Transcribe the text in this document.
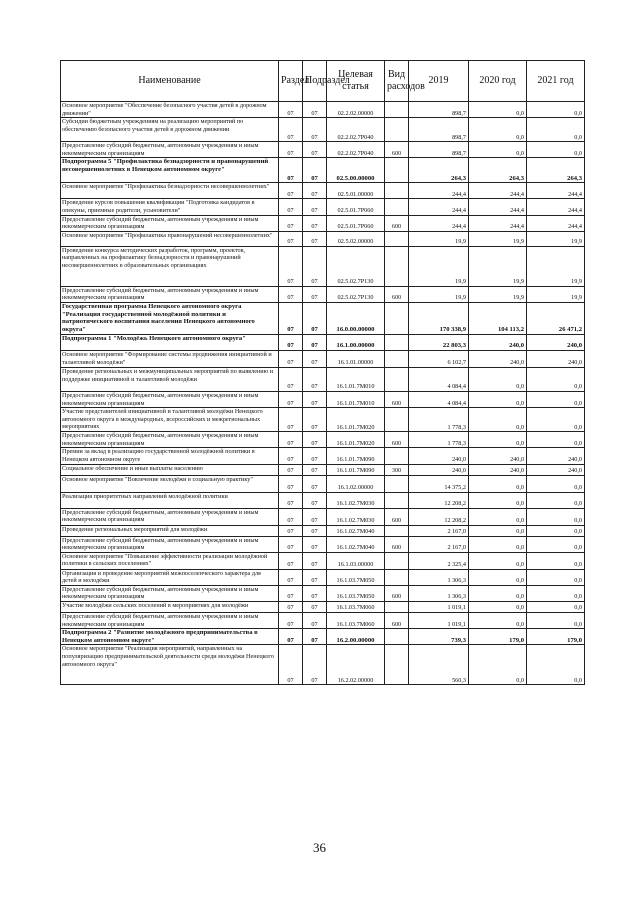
Наименование	Раздел	Подраздел	Целевая статья	Вид расходов	2019	2020 год	2021 год
Основное мероприятие "Обеспечение безопасного участия детей в дорожном движении"	07	07	02.2.02.00000		898,7	0,0	0,0
Субсидии бюджетным учреждениям на реализацию мероприятий по обеспечению безопасного участия детей в дорожном движении	07	07	02.2.02.7Р040		898,7	0,0	0,0
Предоставление субсидий бюджетным, автономным учреждениям и иным некоммерческим организациям	07	07	02.2.02.7Р040	600	898,7	0,0	0,0
Подпрограмма 5 "Профилактика безнадзорности и правонарушений несовершеннолетних в Ненецком автономном округе"	07	07	02.5.00.00000		264,3	264,3	264,3
Основное мероприятие "Профилактика безнадзорности несовершеннолетних"	07	07	02.5.01.00000		244,4	244,4	244,4
Проведение курсов повышения квалификации "Подготовка кандидатов в опекуны, приемные родители, усыновители"	07	07	02.5.01.7Р060		244,4	244,4	244,4
Предоставление субсидий бюджетным, автономным учреждениям и иным некоммерческим организациям	07	07	02.5.01.7Р060	600	244,4	244,4	244,4
Основное мероприятие "Профилактика правонарушений несовершеннолетних"	07	07	02.5.02.00000		19,9	19,9	19,9
Проведение конкурса методических разработок, программ, проектов, направленных на профилактику безнадзорности и правонарушений несовершеннолетних в образовательных организациях	07	07	02.5.02.7Р130		19,9	19,9	19,9
Предоставление субсидий бюджетным, автономным учреждениям и иным некоммерческим организациям	07	07	02.5.02.7Р130	600	19,9	19,9	19,9
Государственная программа Ненецкого автономного округа "Реализация государственной молодёжной политики и патриотического воспитания населения Ненецкого автономного округа"	07	07	16.0.00.00000		170 338,9	104 113,2	26 471,2
Подпрограмма 1 "Молодёжь Ненецкого автономного округа"	07	07	16.1.00.00000		22 803,3	240,0	240,0
Основное мероприятие "Формирование системы продвижения инициативной и талантливой молодёжи"	07	07	16.1.01.00000		6 102,7	240,0	240,0
Проведение региональных и межмуниципальных мероприятий по выявлению и поддержке инициативной и талантливой молодёжи	07	07	16.1.01.7М010		4 084,4	0,0	0,0
Предоставление субсидий бюджетным, автономным учреждениям и иным некоммерческим организациям	07	07	16.1.01.7М010	600	4 084,4	0,0	0,0
Участие представителей инициативной и талантливой молодёжи Ненецкого автономного округа в международных, всероссийских и межрегиональных мероприятиях	07	07	16.1.01.7М020		1 778,3	0,0	0,0
Предоставление субсидий бюджетным, автономным учреждениям и иным некоммерческим организациям	07	07	16.1.01.7М020	600	1 778,3	0,0	0,0
Премии за вклад в реализацию государственной молодёжной политики в Ненецком автономном округе	07	07	16.1.01.7М090		240,0	240,0	240,0
Социальное обеспечение и иные выплаты населению	07	07	16.1.01.7М090	300	240,0	240,0	240,0
Основное мероприятие "Вовлечение молодёжи в социальную практику"	07	07	16.1.02.00000		14 375,2	0,0	0,0
Реализация приоритетных направлений молодёжной политики	07	07	16.1.02.7М030		12 208,2	0,0	0,0
Предоставление субсидий бюджетным, автономным учреждениям и иным некоммерческим организациям	07	07	16.1.02.7М030	600	12 208,2	0,0	0,0
Проведение региональных мероприятий для молодёжи	07	07	16.1.02.7М040		2 167,0	0,0	0,0
Предоставление субсидий бюджетным, автономным учреждениям и иным некоммерческим организациям	07	07	16.1.02.7М040	600	2 167,0	0,0	0,0
Основное мероприятие "Повышение эффективности реализации молодёжной политики в сельских поселениях"	07	07	16.1.03.00000		2 325,4	0,0	0,0
Организация и проведение мероприятий межпоселенческого характера для детей и молодёжи	07	07	16.1.03.7М050		1 306,3	0,0	0,0
Предоставление субсидий бюджетным, автономным учреждениям и иным некоммерческим организациям	07	07	16.1.03.7М050	600	1 306,3	0,0	0,0
Участие молодёжи сельских поселений в мероприятиях для молодёжи	07	07	16.1.03.7М060		1 019,1	0,0	0,0
Предоставление субсидий бюджетным, автономным учреждениям и иным некоммерческим организациям	07	07	16.1.03.7М060	600	1 019,1	0,0	0,0
Подпрограмма 2 "Развитие молодёжного предпринимательства в Ненецком автономном округе"	07	07	16.2.00.00000		739,3	179,0	179,0
Основное мероприятие "Реализация мероприятий, направленных на популяризацию предпринимательской деятельности среди молодёжи Ненецкого автономного округа"	07	07	16.2.02.00000		560,3	0,0	0,0
36
